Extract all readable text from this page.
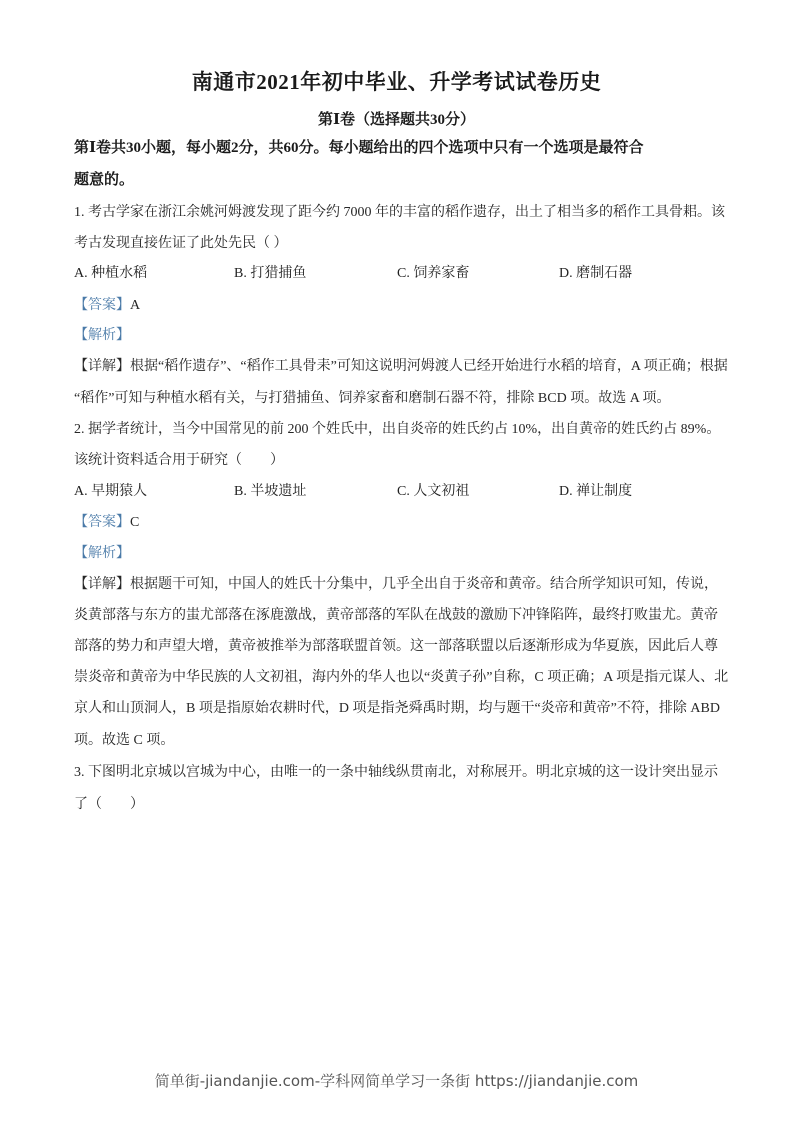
南通市2021年初中毕业、升学考试试卷历史
第Ⅰ卷（选择题共30分）
第Ⅰ卷共30小题，每小题2分，共60分。每小题给出的四个选项中只有一个选项是最符合
题意的。
1. 考古学家在浙江余姚河姆渡发现了距今约 7000 年的丰富的稻作遗存，出土了相当多的稻作工具骨耜。该
考古发现直接佐证了此处先民（ ）
A. 种植水稻	B. 打猎捕鱼	C. 饲养家畜	D. 磨制石器
【答案】A
【解析】
【详解】根据“稻作遗存”、“稻作工具骨耒”可知这说明河姆渡人已经开始进行水稻的培育，A 项正确；根据
“稻作”可知与种植水稻有关，与打猎捕鱼、饲养家畜和磨制石器不符，排除 BCD 项。故选 A 项。
2. 据学者统计，当今中国常见的前 200 个姓氏中，出自炎帝的姓氏约占 10%，出自黄帝的姓氏约占 89%。
该统计资料适合用于研究（　　）
A. 早期猿人	B. 半坡遗址	C. 人文初祖	D. 禅让制度
【答案】C
【解析】
【详解】根据题干可知，中国人的姓氏十分集中，几乎全出自于炎帝和黄帝。结合所学知识可知，传说，
炎黄部落与东方的蚩尤部落在涿鹿激战，黄帝部落的军队在战鼓的激励下冲锋陷阵，最终打败蚩尤。黄帝
部落的势力和声望大增，黄帝被推举为部落联盟首领。这一部落联盟以后逐渐形成为华夏族，因此后人尊
崇炎帝和黄帝为中华民族的人文初祖，海内外的华人也以“炎黄子孙”自称，C 项正确；A 项是指元谋人、北
京人和山顶洞人，B 项是指原始农耕时代，D 项是指尧舜禹时期，均与题干“炎帝和黄帝”不符，排除 ABD
项。故选 C 项。
3. 下图明北京城以宫城为中心，由唯一的一条中轴线纵贯南北，对称展开。明北京城的这一设计突出显示
了（　　）
简单街-jiandanjie.com-学科网简单学习一条街 https://jiandanjie.com
